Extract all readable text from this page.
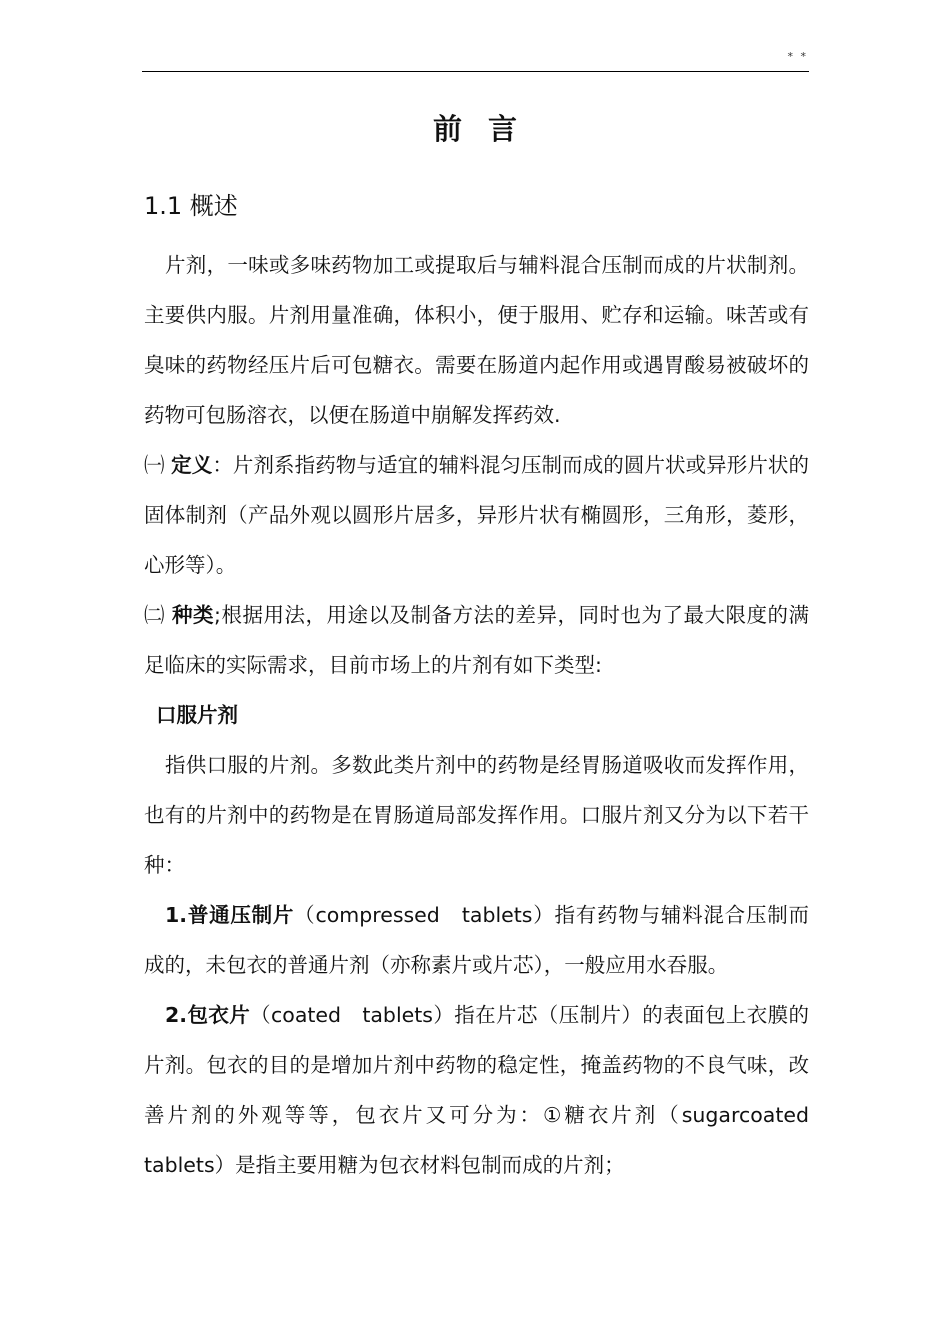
* *
前言
1.1 概述

片剂，一味或多味药物加工或提取后与辅料混合压制而成的片状制剂。主要供内服。片剂用量准确，体积小，便于服用、贮存和运输。味苦或有臭味的药物经压片后可包糖衣。需要在肠道内起作用或遇胃酸易被破坏的药物可包肠溶衣，以便在肠道中崩解发挥药效.

㈠ 定义：片剂系指药物与适宜的辅料混匀压制而成的圆片状或异形片状的固体制剂（产品外观以圆形片居多，异形片状有椭圆形，三角形，菱形，心形等）。

㈡ 种类;根据用法，用途以及制备方法的差异，同时也为了最大限度的满足临床的实际需求，目前市场上的片剂有如下类型:

口服片剂

指供口服的片剂。多数此类片剂中的药物是经胃肠道吸收而发挥作用，也有的片剂中的药物是在胃肠道局部发挥作用。口服片剂又分为以下若干种：

1.普通压制片（compressed　tablets）指有药物与辅料混合压制而成的，未包衣的普通片剂（亦称素片或片芯），一般应用水吞服。

2.包衣片（coated　tablets）指在片芯（压制片）的表面包上衣膜的片剂。包衣的目的是增加片剂中药物的稳定性，掩盖药物的不良气味，改善片剂的外观等等，包衣片又可分为：①糖衣片剂（sugarcoated tablets）是指主要用糖为包衣材料包制而成的片剂；
